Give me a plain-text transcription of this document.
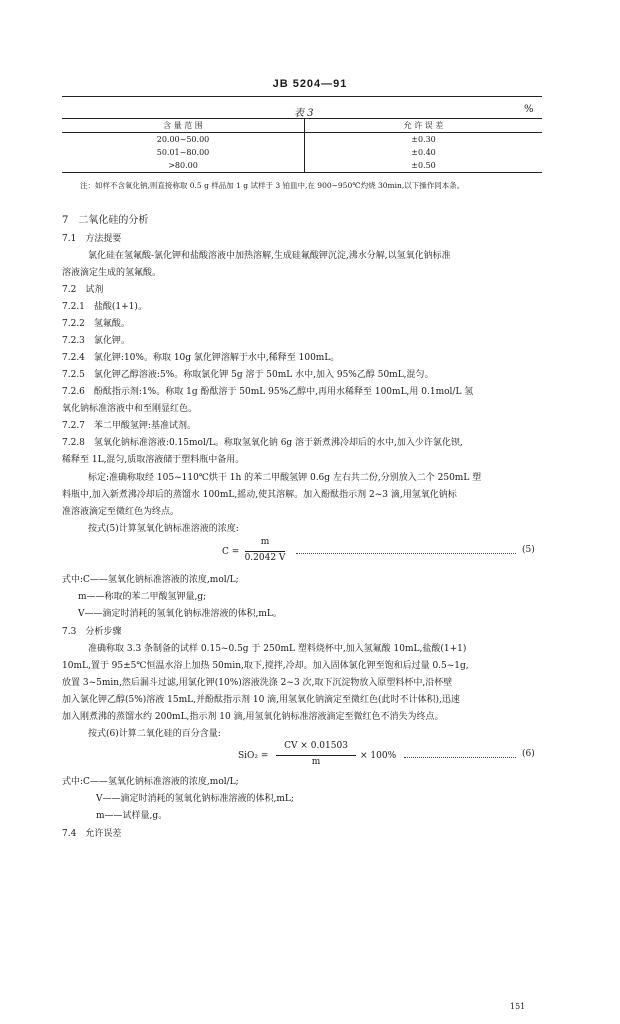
JB 5204—91
表 3	%
含 量 范 围	允 许 误 差
20.00~50.00	±0.30
50.01~80.00	±0.40
>80.00	±0.50
注：如样不含氧化钠,则直接称取 0.5 g 样品加 1 g 试样于 3 铂皿中,在 900~950℃灼烧 30min,以下操作同本条。
7　二氧化硅的分析
7.1　方法提要
氯化硅在氢氟酸-氯化钾和盐酸溶液中加热溶解,生成硅氟酸钾沉淀,沸水分解,以氢氧化钠标准
溶液滴定生成的氢氟酸。
7.2　试剂
7.2.1　 盐酸(1+1)。
7.2.2　 氢氟酸。
7.2.3　 氯化钾。
7.2.4　 氯化钾:10%。称取 10g 氯化钾溶解于水中,稀释至 100mL。
7.2.5　 氯化钾乙醇溶液:5%。称取氯化钾 5g 溶于 50mL 水中,加入 95%乙醇 50mL,混匀。
7.2.6　 酚酞指示剂:1%。称取 1g 酚酞溶于 50mL 95%乙醇中,再用水稀释至 100mL,用 0.1mol/L 氢
氧化钠标准溶液中和至刚显红色。
7.2.7　 苯二甲酸氢钾:基准试剂。
7.2.8　 氢氧化钠标准溶液:0.15mol/L。称取氢氧化钠 6g 溶于新煮沸冷却后的水中,加入少许氯化钡,
稀释至 1L,混匀,质取溶液储于塑料瓶中备用。
标定:准确称取经 105~110℃烘干 1h 的苯二甲酸氢钾 0.6g 左右共二份,分别放入二个 250mL 塑
料瓶中,加入新煮沸冷却后的蒸馏水 100mL,摇动,使其溶解。加入酚酞指示剂 2~3 滴,用氢氧化钠标
准溶液滴定至微红色为终点。
按式(5)计算氢氧化钠标准溶液的浓度:
C =
m
0.2042 V
(5)
式中:C——氢氧化钠标准溶液的浓度,mol/L;
m——称取的苯二甲酸氢钾量,g;
V——滴定时消耗的氢氧化钠标准溶液的体积,mL。
7.3　分析步骤
准确称取 3.3 条制备的试样 0.15~0.5g 于 250mL 塑料烧杯中,加入氢氟酸 10mL,盐酸(1+1)
10mL,置于 95±5℃恒温水浴上加热 50min,取下,搅拌,冷却。加入固体氯化钾至饱和后过量 0.5~1g,
放置 3~5min,然后漏斗过滤,用氯化钾(10%)溶液洗涤 2~3 次,取下沉淀物放入原塑料杯中,沿杯壁
加入氯化钾乙醇(5%)溶液 15mL,并酚酞指示剂 10 滴,用氢氧化钠滴定至微红色(此时不计体积),迅速
加入刚煮沸的蒸馏水约 200mL,指示剂 10 滴,用氢氧化钠标准溶液滴定至微红色不消失为终点。
按式(6)计算二氧化硅的百分含量:
SiO₂ =
CV × 0.01503
m
× 100%	(6)
式中:C——氢氧化钠标准溶液的浓度,mol/L;
V——滴定时消耗的氢氧化钠标准溶液的体积,mL;
m——试样量,g。
7.4　允许误差
151
